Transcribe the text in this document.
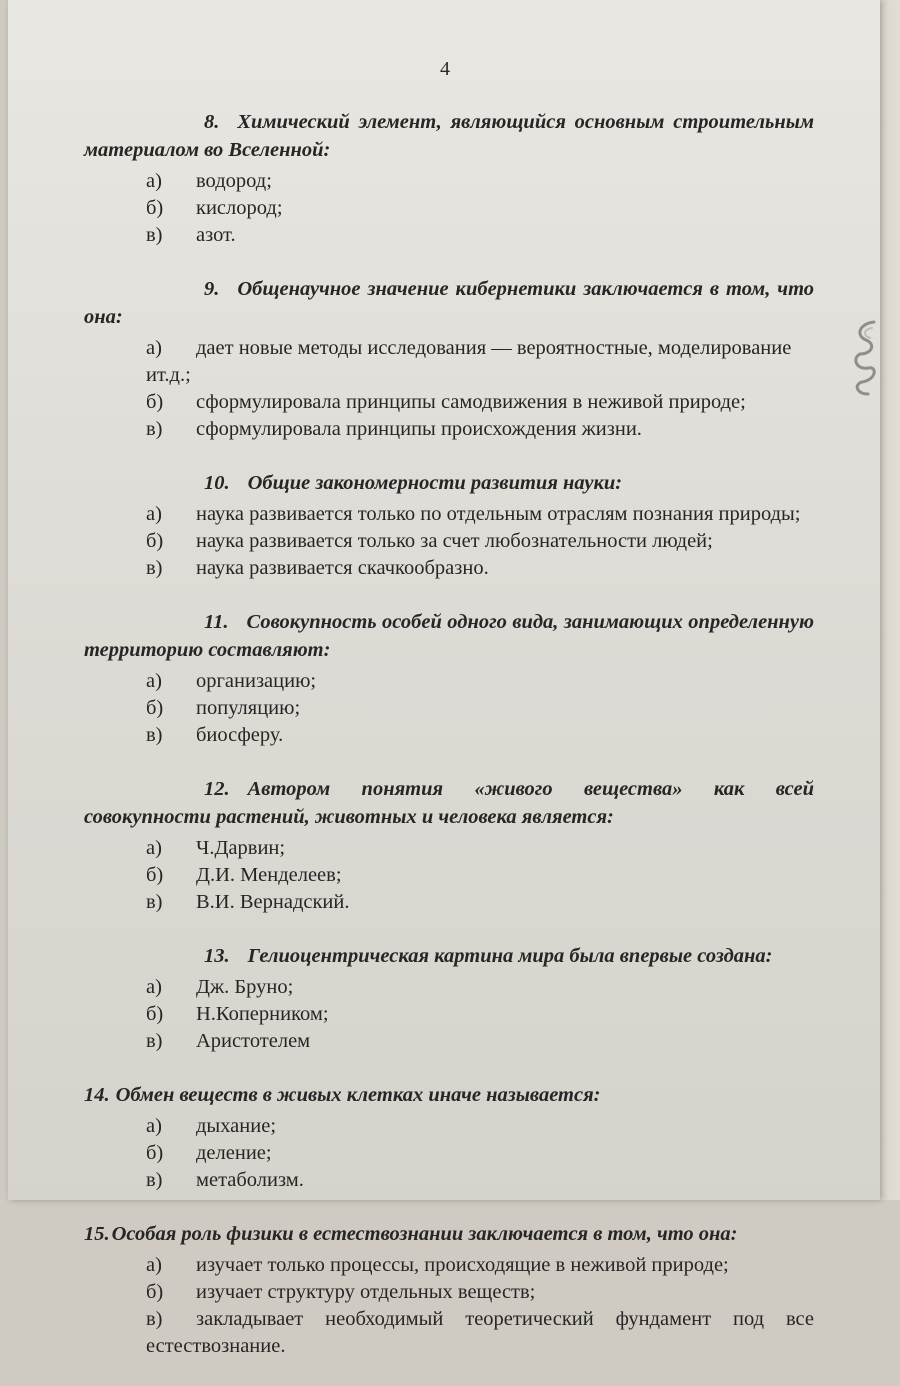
4
8. Химический элемент, являющийся основным строительным материалом во Вселенной:
а)	водород;
б)	кислород;
в)	азот.
9. Общенаучное значение кибернетики заключается в том, что она:
а) дает новые методы исследования — вероятностные, моделирование ит.д.;
б)	сформулировала принципы самодвижения в неживой природе;
в)	сформулировала принципы происхождения жизни.
10. Общие закономерности развития науки:
а)	наука развивается только по отдельным отраслям познания природы;
б)	наука развивается только за счет любознательности людей;
в)	наука развивается скачкообразно.
11. Совокупность особей одного вида, занимающих определенную территорию составляют:
а)	организацию;
б)	популяцию;
в)	биосферу.
12. Автором понятия «живого вещества» как всей совокупности растений, животных и человека является:
а)	Ч.Дарвин;
б)	Д.И. Менделеев;
в)	В.И. Вернадский.
13. Гелиоцентрическая картина мира была впервые создана:
а)	Дж. Бруно;
б)	Н.Коперником;
в)	Аристотелем
14. Обмен веществ в живых клетках иначе называется:
а)	дыхание;
б)	деление;
в)	метаболизм.
15.Особая роль физики в естествознании заключается в том, что она:
а)	изучает только процессы, происходящие в неживой природе;
б)	изучает структуру отдельных веществ;
в) закладывает необходимый теоретический фундамент под все естествознание.
